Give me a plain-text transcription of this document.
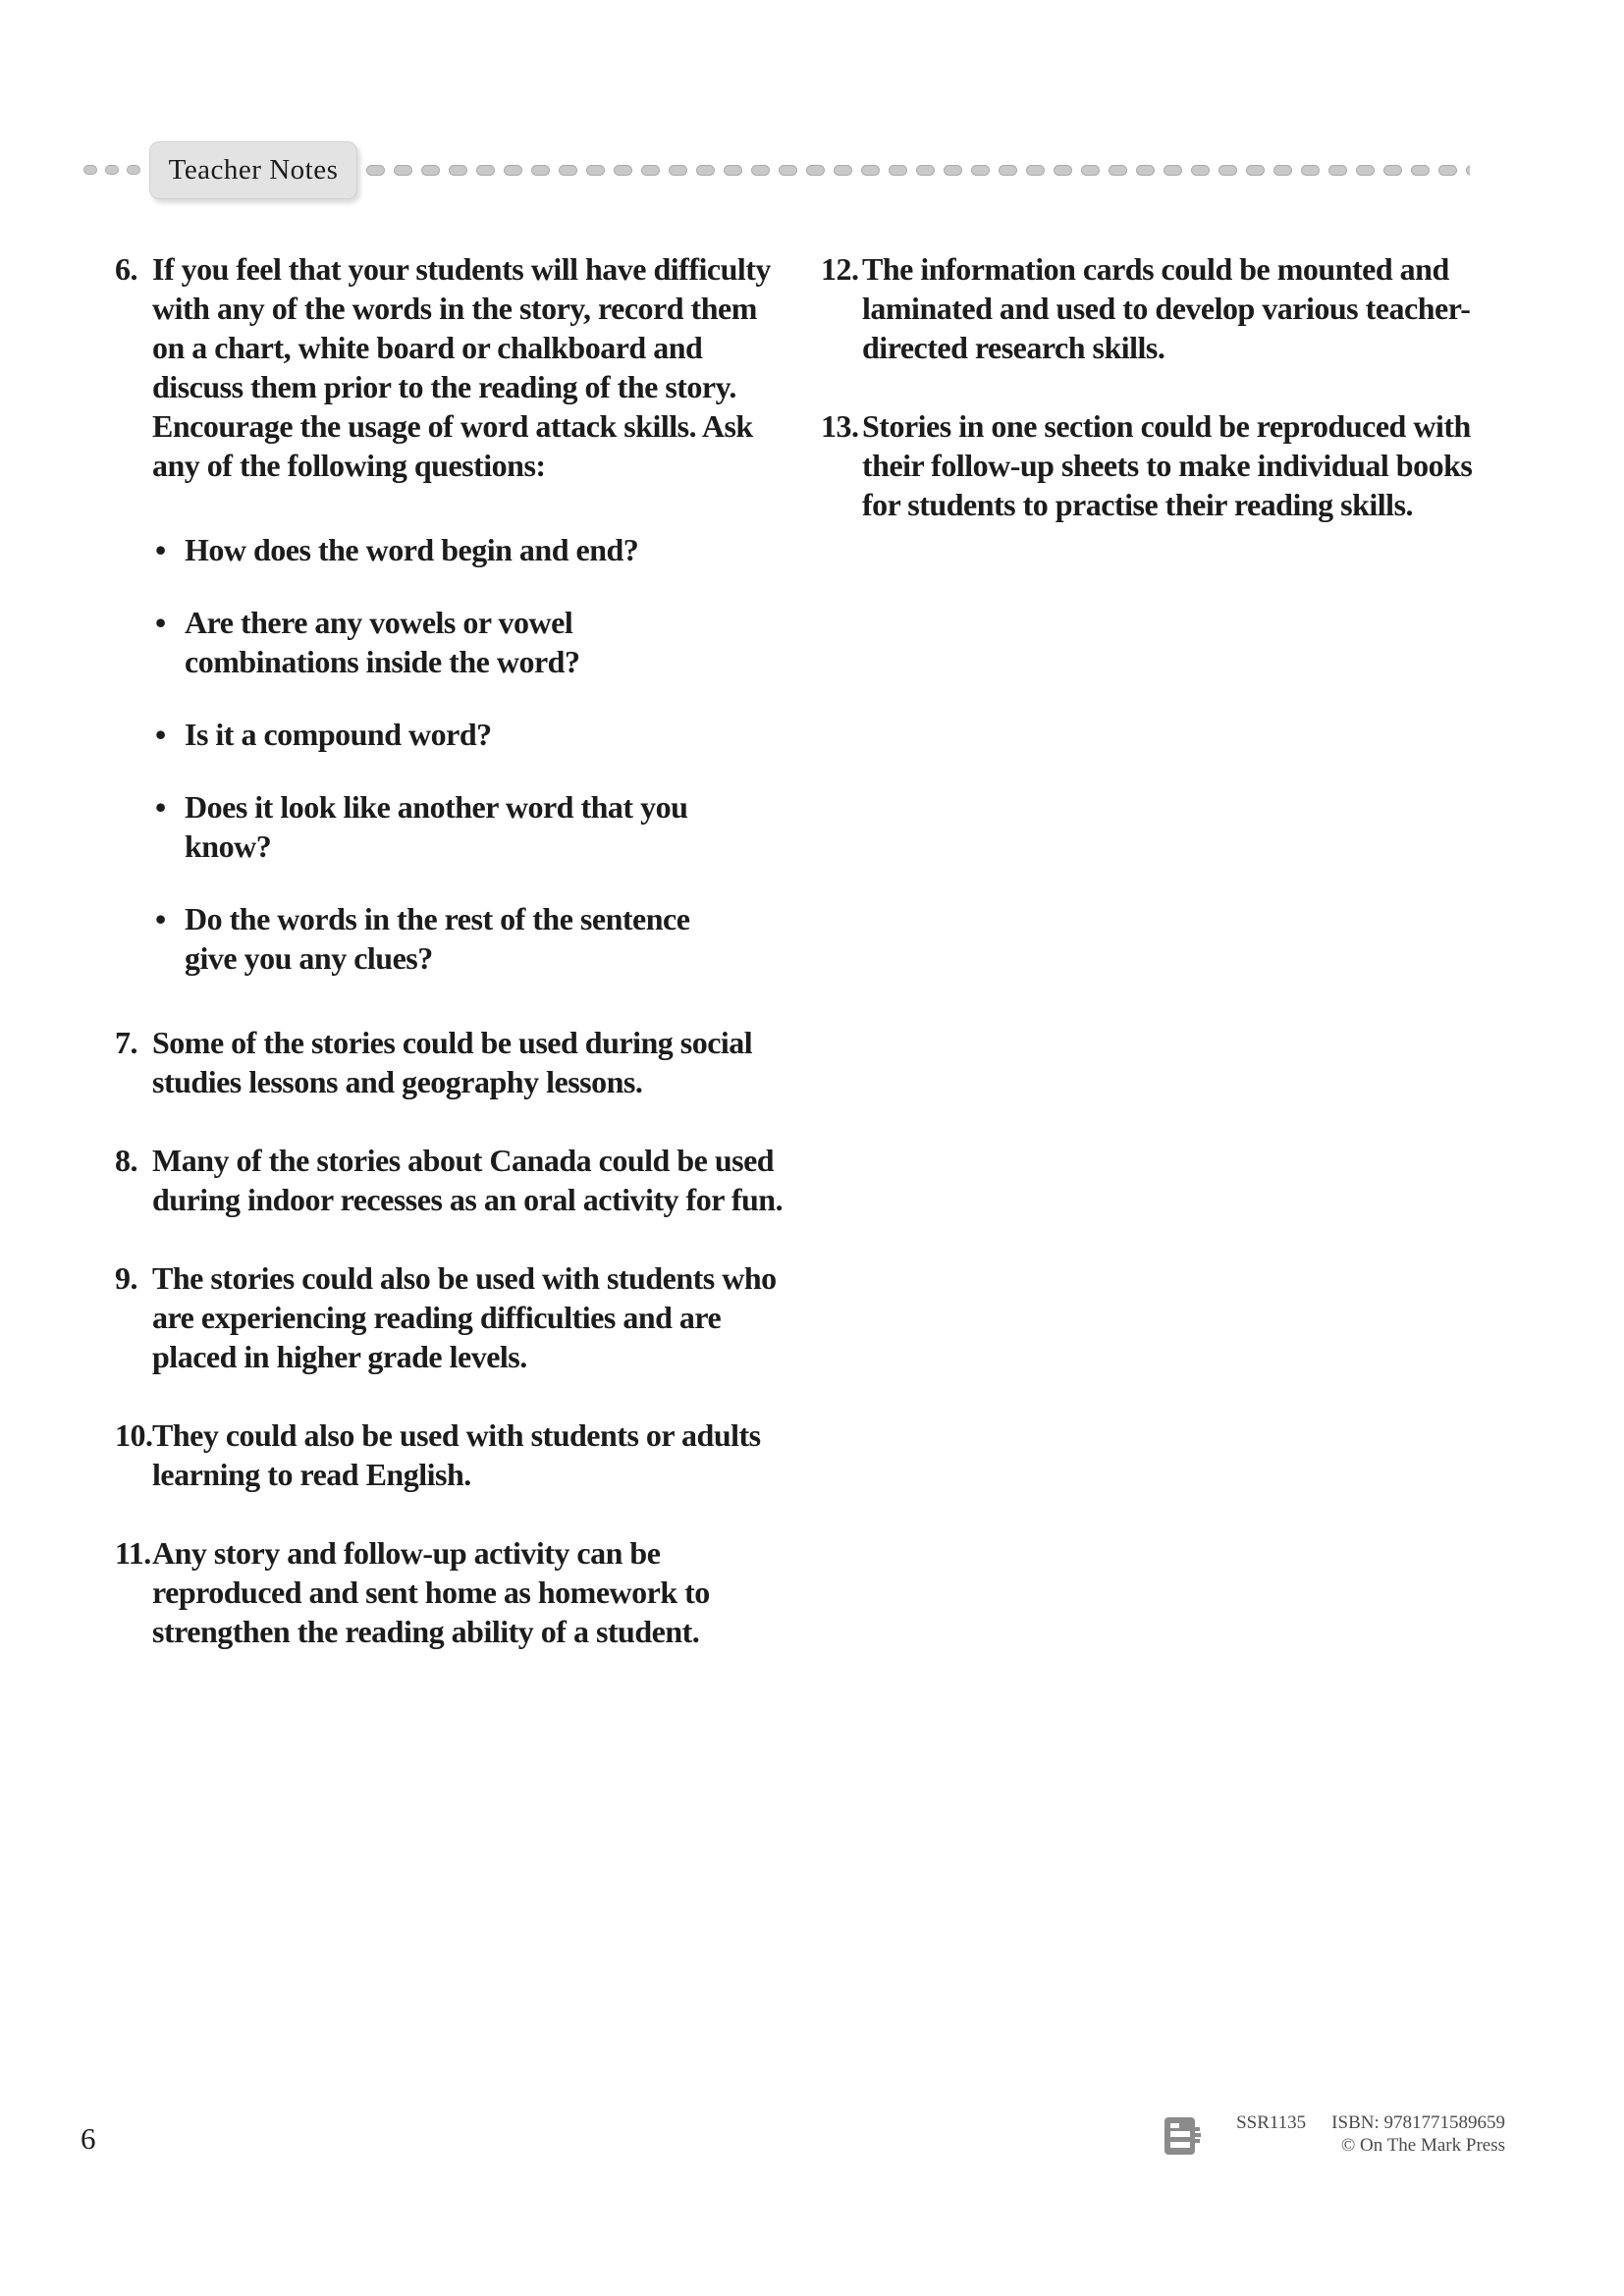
Teacher Notes
6. If you feel that your students will have difficulty with any of the words in the story, record them on a chart, white board or chalkboard and discuss them prior to the reading of the story. Encourage the usage of word attack skills. Ask any of the following questions:

• How does the word begin and end?
• Are there any vowels or vowel combinations inside the word?
• Is it a compound word?
• Does it look like another word that you know?
• Do the words in the rest of the sentence give you any clues?
7. Some of the stories could be used during social studies lessons and geography lessons.

8. Many of the stories about Canada could be used during indoor recesses as an oral activity for fun.

9. The stories could also be used with students who are experiencing reading difficulties and are placed in higher grade levels.

10. They could also be used with students or adults learning to read English.

11. Any story and follow-up activity can be reproduced and sent home as homework to strengthen the reading ability of a student.

12. The information cards could be mounted and laminated and used to develop various teacher-directed research skills.

13. Stories in one section could be reproduced with their follow-up sheets to make individual books for students to practise their reading skills.

6	SSR1135 ISBN: 9781771589659
© On The Mark Press
